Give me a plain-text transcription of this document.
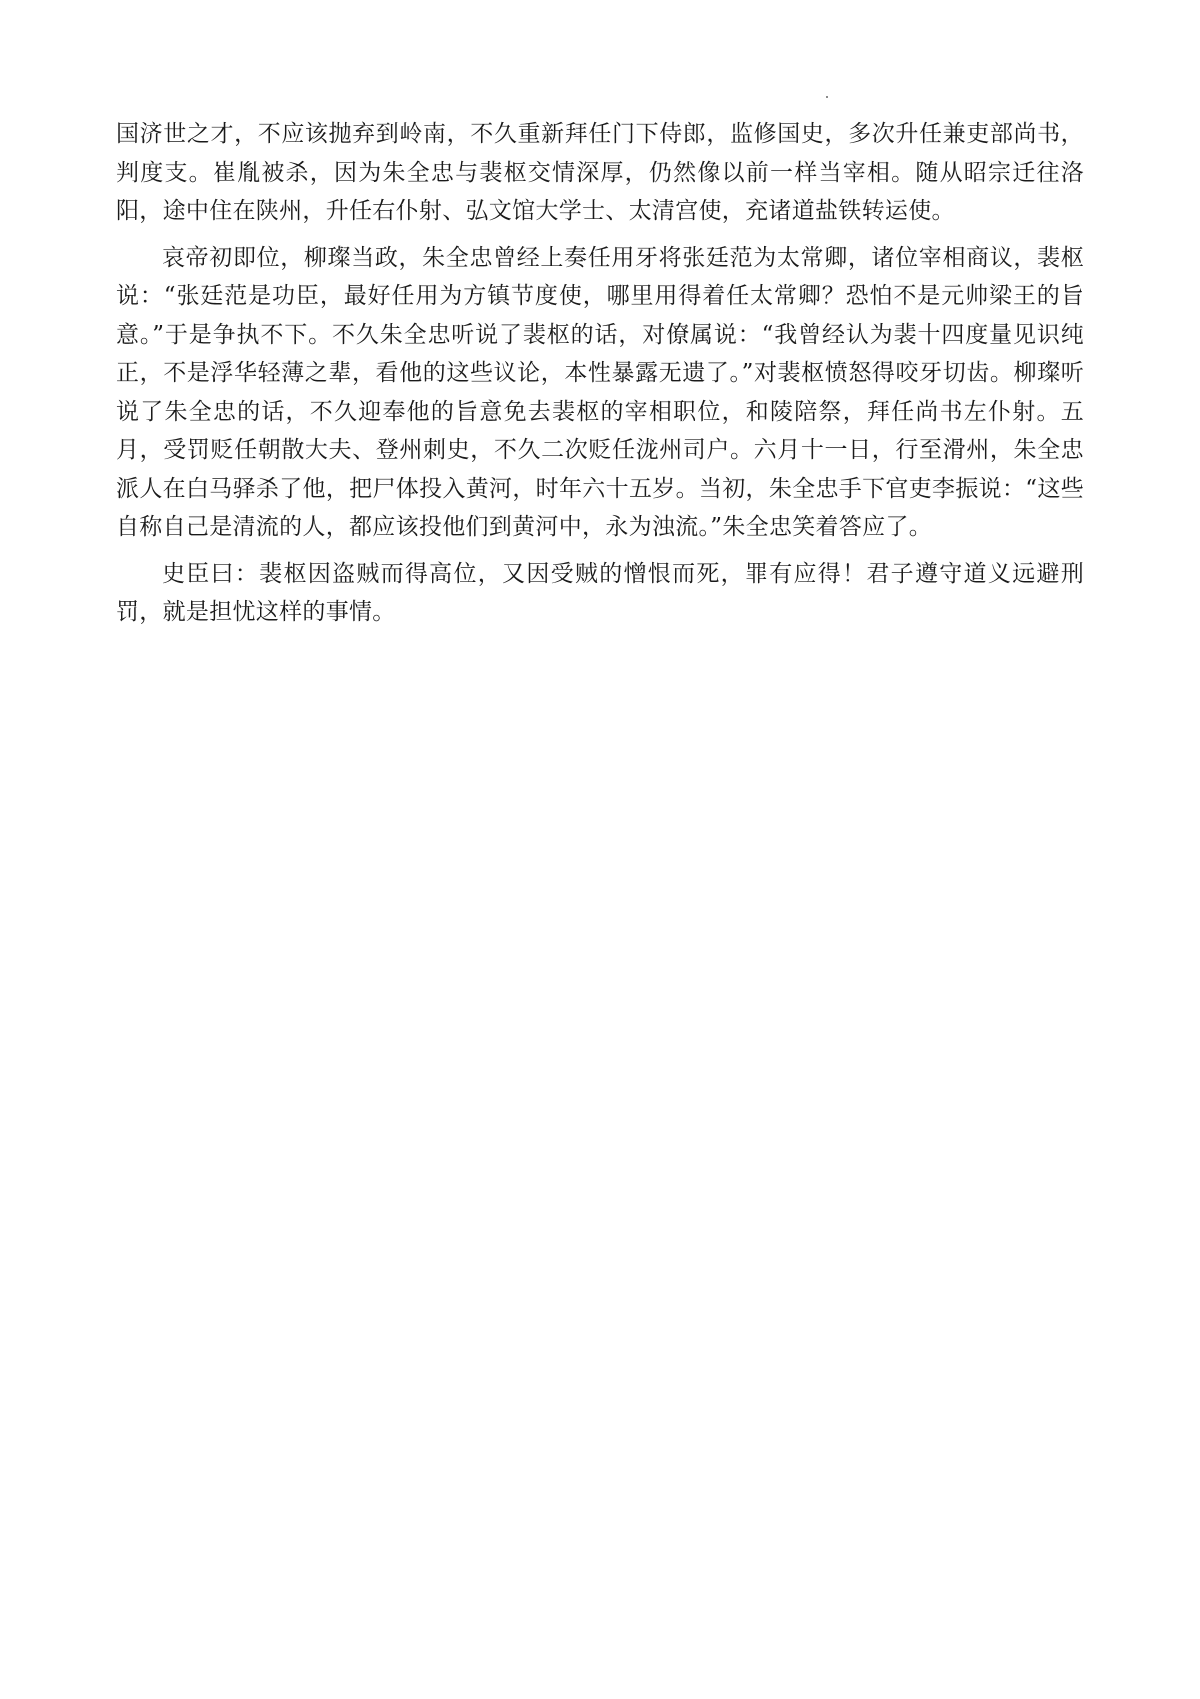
国济世之才，不应该抛弃到岭南，不久重新拜任门下侍郎，监修国史，多次升任兼吏部尚书，判度支。崔胤被杀，因为朱全忠与裴枢交情深厚，仍然像以前一样当宰相。随从昭宗迁往洛阳，途中住在陕州，升任右仆射、弘文馆大学士、太清宫使，充诸道盐铁转运使。

哀帝初即位，柳璨当政，朱全忠曾经上奏任用牙将张廷范为太常卿，诸位宰相商议，裴枢说：“张廷范是功臣，最好任用为方镇节度使，哪里用得着任太常卿？恐怕不是元帅梁王的旨意。”于是争执不下。不久朱全忠听说了裴枢的话，对僚属说：“我曾经认为裴十四度量见识纯正，不是浮华轻薄之辈，看他的这些议论，本性暴露无遗了。”对裴枢愤怒得咬牙切齿。柳璨听说了朱全忠的话，不久迎奉他的旨意免去裴枢的宰相职位，和陵陪祭，拜任尚书左仆射。五月，受罚贬任朝散大夫、登州刺史，不久二次贬任泷州司户。六月十一日，行至滑州，朱全忠派人在白马驿杀了他，把尸体投入黄河，时年六十五岁。当初，朱全忠手下官吏李振说：“这些自称自己是清流的人，都应该投他们到黄河中，永为浊流。”朱全忠笑着答应了。

史臣曰：裴枢因盗贼而得高位，又因受贼的憎恨而死，罪有应得！君子遵守道义远避刑罚，就是担忧这样的事情。
